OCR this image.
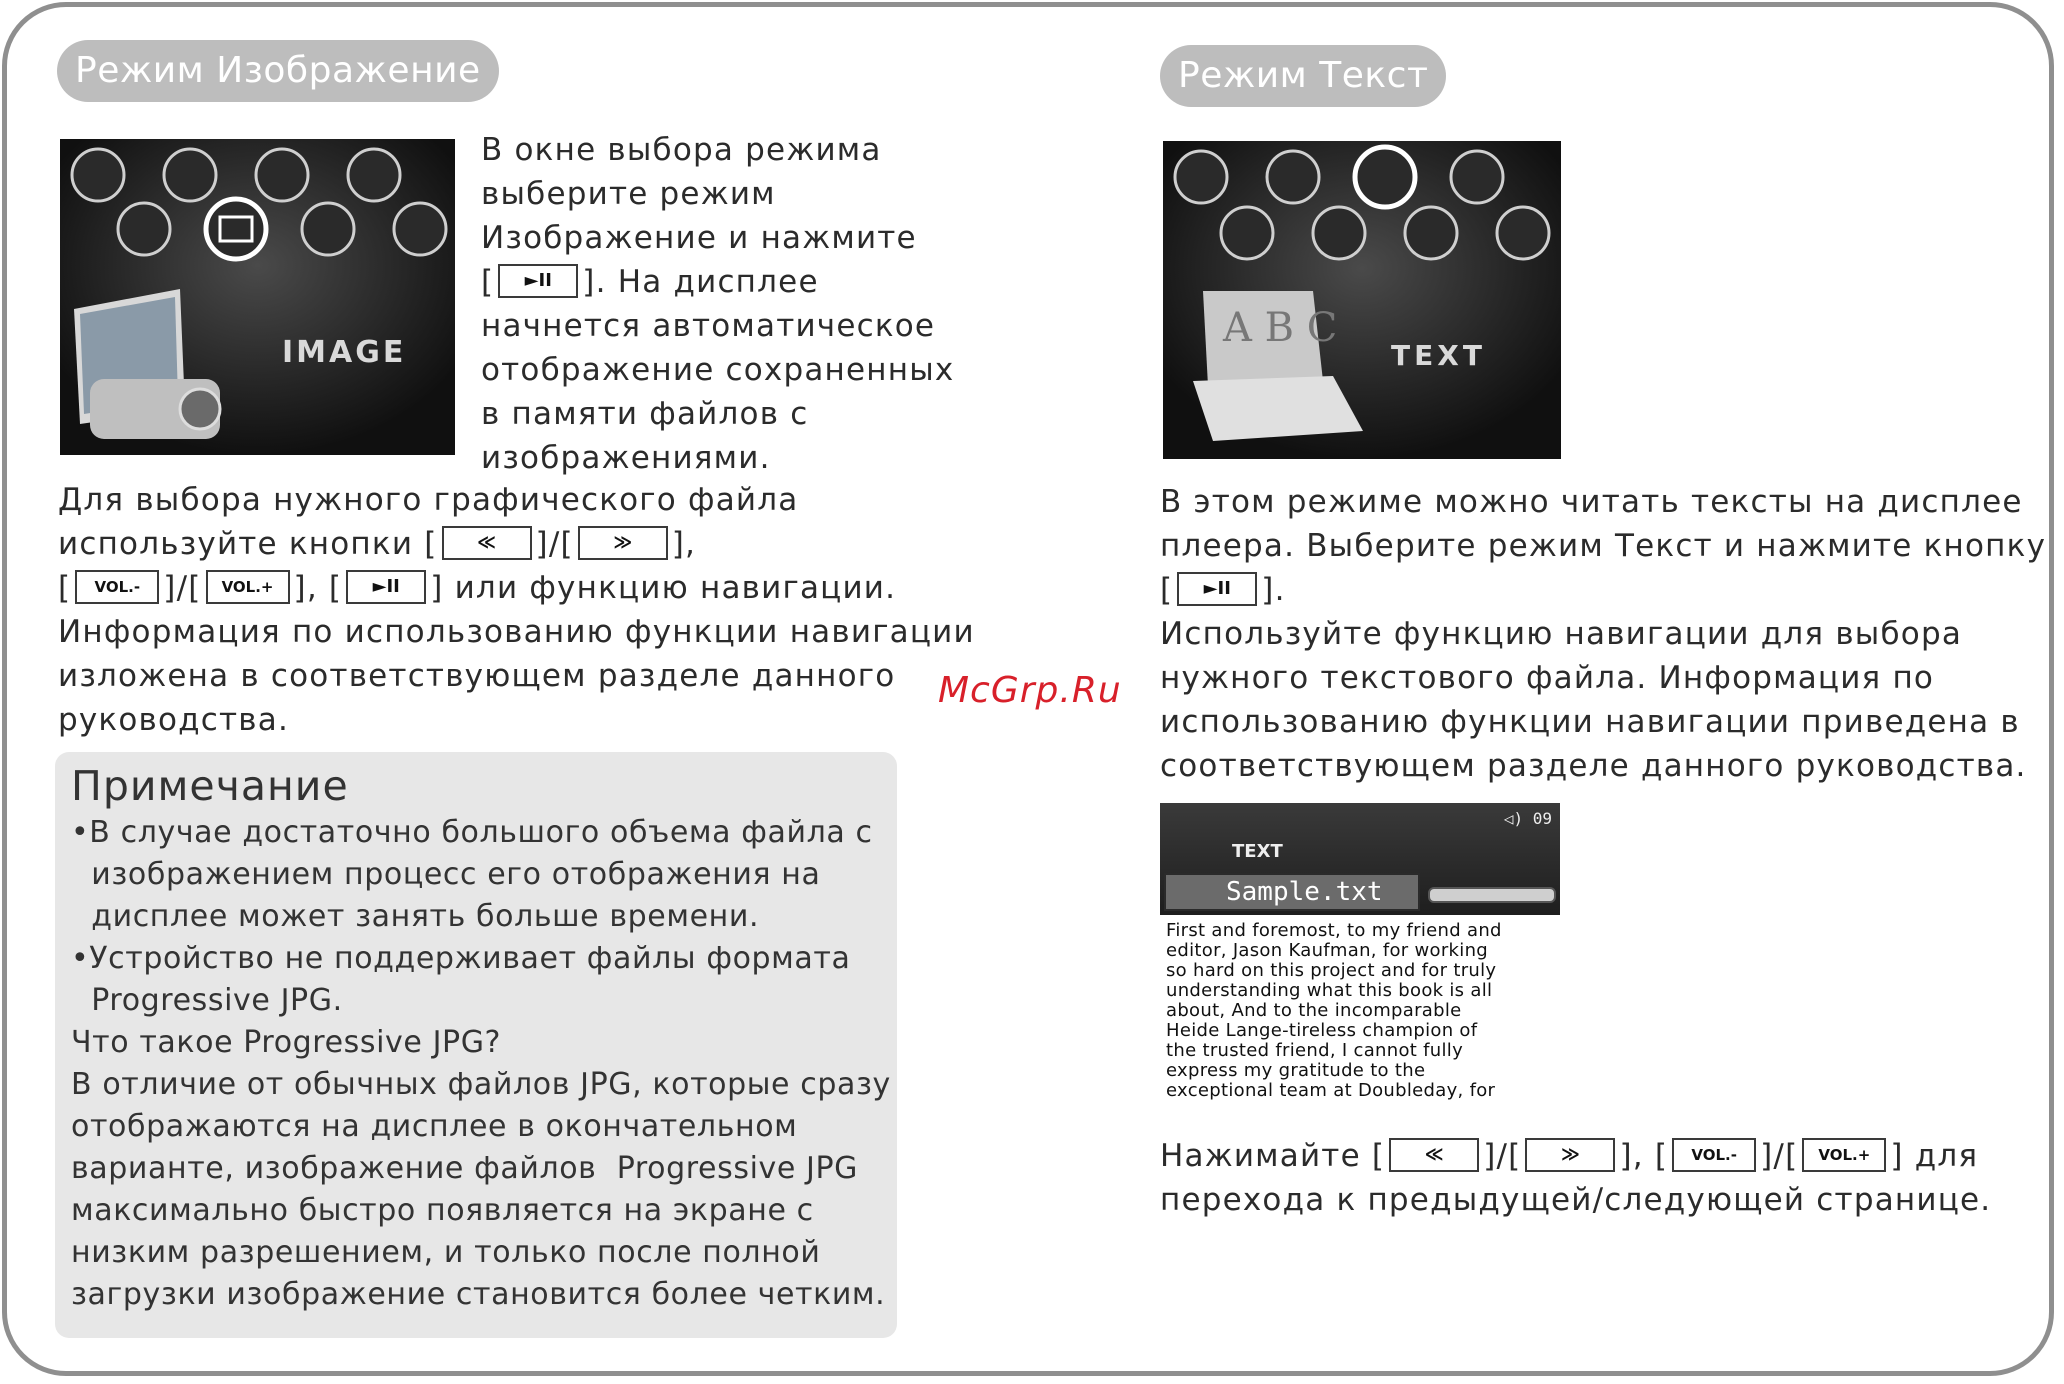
Режим Изображение
IMAGE

В окне выбора режима

выберите режим

Изображение и нажмите

[ ►II ]. На дисплее

начнется автоматическое

отображение сохраненных

в памяти файлов с

изображениями.

Для выбора нужного графического файла

используйте кнопки [ ≪ ]/[ ≫ ],

[ VOL.- ]/[ VOL.+ ], [ ►II ] или функцию навигации.

Информация по использованию функции навигации

изложена в соответствующем разделе данного

руководства.

Примечание

•В случае достаточно большого объема файла с

изображением процесс его отображения на

дисплее может занять больше времени.

•Устройство не поддерживает файлы формата

Progressive JPG.

Что такое Progressive JPG?

В отличие от обычных файлов JPG, которые сразу

отображаются на дисплее в окончательном

варианте, изображение файлов  Progressive JPG

максимально быстро появляется на экране с

низким разрешением, и только после полной

загрузки изображение становится более четким.

McGrp.Ru
Режим Текст
A B C
TEXT

В этом режиме можно читать тексты на дисплее

плеера. Выберите режим Текст и нажмите кнопку

[ ►II ].

Используйте функцию навигации для выбора

нужного текстового файла. Информация по

использованию функции навигации приведена в

соответствующем разделе данного руководства.

TEXT
◁) 09
Sample.txt

First and foremost, to my friend and

editor, Jason Kaufman, for working

so hard on this project and for truly

understanding what this book is all

about, And to the incomparable

Heide Lange-tireless champion of

the trusted friend, I cannot fully

express my gratitude to the

exceptional team at Doubleday, for

Нажимайте [ ≪ ]/[ ≫ ], [ VOL.- ]/[ VOL.+ ] для

перехода к предыдущей/следующей странице.
